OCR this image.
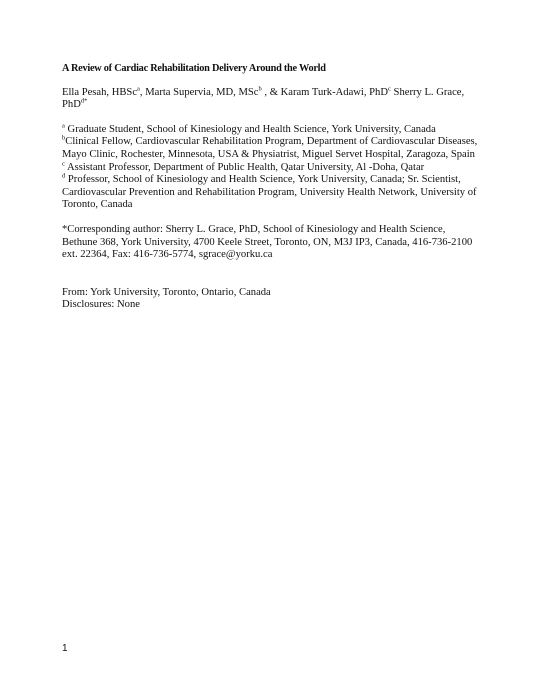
A Review of Cardiac Rehabilitation Delivery Around the World

Ella Pesah, HBSc$^a$, Marta Supervia, MD, MSc$^b$ , & Karam Turk-Adawi, PhD$^c$ Sherry L. Grace, PhD$^{d*}$

$^a$ Graduate Student, School of Kinesiology and Health Science, York University, Canada

$^b$Clinical Fellow, Cardiovascular Rehabilitation Program, Department of Cardiovascular Diseases, Mayo Clinic, Rochester, Minnesota, USA & Physiatrist, Miguel Servet Hospital, Zaragoza, Spain

$^c$ Assistant Professor, Department of Public Health, Qatar University, Al -Doha, Qatar

$^d$ Professor, School of Kinesiology and Health Science, York University, Canada; Sr. Scientist, Cardiovascular Prevention and Rehabilitation Program, University Health Network, University of Toronto, Canada

*Corresponding author: Sherry L. Grace, PhD, School of Kinesiology and Health Science, Bethune 368, York University, 4700 Keele Street, Toronto, ON, M3J IP3, Canada, 416-736-2100 ext. 22364, Fax: 416-736-5774, sgrace@yorku.ca

From: York University, Toronto, Ontario, Canada

Disclosures: None

1
